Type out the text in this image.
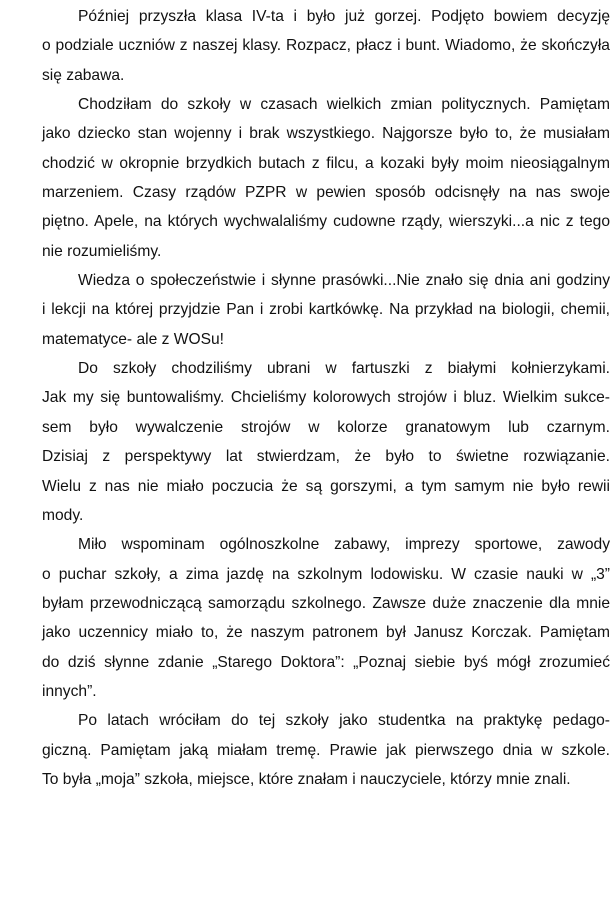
Później przyszła klasa IV-ta i było już gorzej. Podjęto bowiem decyzję
o podziale uczniów z naszej klasy. Rozpacz, płacz i bunt. Wiadomo, że skończyła
się zabawa.
Chodziłam do szkoły w czasach wielkich zmian politycznych. Pamiętam
jako dziecko stan wojenny i brak wszystkiego. Najgorsze było to, że musiałam
chodzić w okropnie brzydkich butach z filcu, a kozaki były moim nieosiągalnym
marzeniem. Czasy rządów PZPR w pewien sposób odcisnęły na nas swoje
piętno. Apele, na których wychwalaliśmy cudowne rządy, wierszyki...a nic z tego
nie rozumieliśmy.
Wiedza o społeczeństwie i słynne prasówki...Nie znało się dnia ani godziny
i lekcji na której przyjdzie Pan i zrobi kartkówkę. Na przykład na biologii, chemii,
matematyce- ale z WOSu!
Do szkoły chodziliśmy ubrani w fartuszki z białymi kołnierzykami.
Jak my się buntowaliśmy. Chcieliśmy kolorowych strojów i bluz. Wielkim sukce-
sem było wywalczenie strojów w kolorze granatowym lub czarnym.
Dzisiaj z perspektywy lat stwierdzam, że było to świetne rozwiązanie.
Wielu z nas nie miało poczucia że są gorszymi, a tym samym nie było rewii
mody.
Miło wspominam ogólnoszkolne zabawy, imprezy sportowe, zawody
o puchar szkoły, a zima jazdę na szkolnym lodowisku. W czasie nauki w „3”
byłam przewodniczącą samorządu szkolnego. Zawsze duże znaczenie dla mnie
jako uczennicy miało to, że naszym patronem był Janusz Korczak. Pamiętam
do dziś słynne zdanie „Starego Doktora”: „Poznaj siebie byś mógł zrozumieć
innych”.
Po latach wróciłam do tej szkoły jako studentka na praktykę pedago-
giczną. Pamiętam jaką miałam tremę. Prawie jak pierwszego dnia w szkole.
To była „moja” szkoła, miejsce, które znałam i nauczyciele, którzy mnie znali.
